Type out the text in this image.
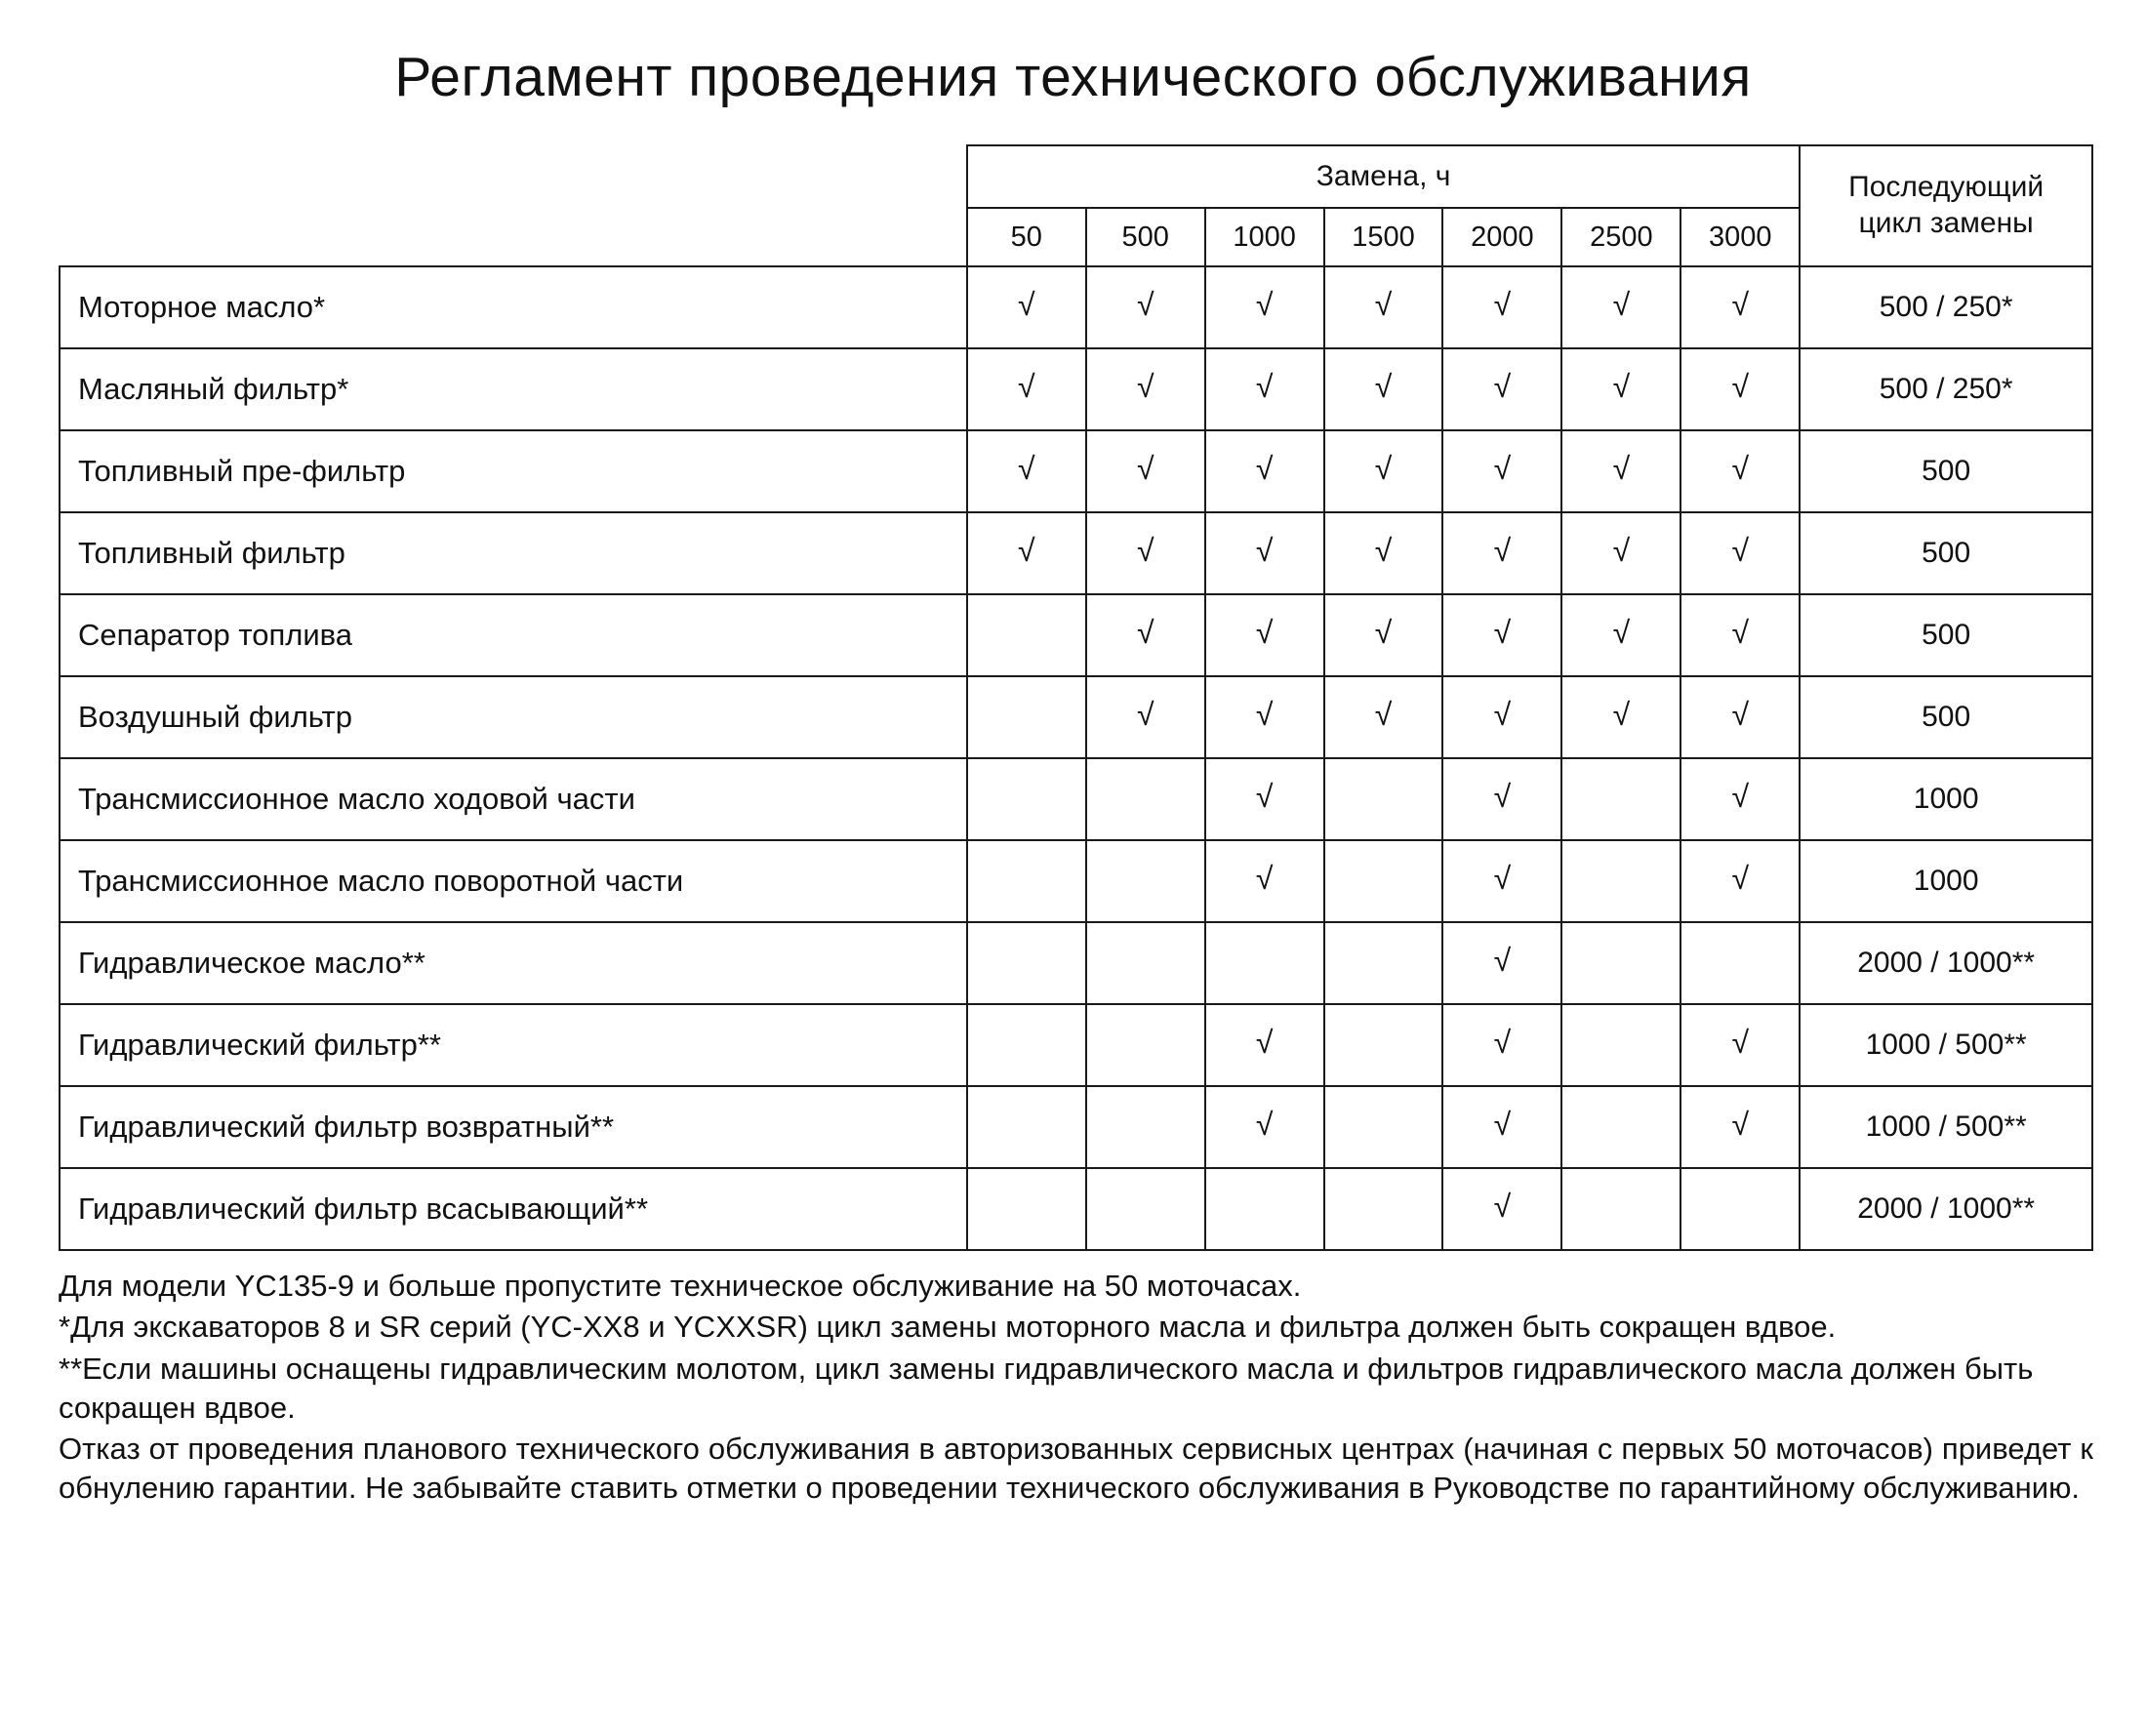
Регламент проведения технического обслуживания
	Замена, ч							Последующий
цикл замены
	50	500	1000	1500	2000	2500	3000	
Моторное масло*	√	√	√	√	√	√	√	500 / 250*
Масляный фильтр*	√	√	√	√	√	√	√	500 / 250*
Топливный пре-фильтр	√	√	√	√	√	√	√	500
Топливный фильтр	√	√	√	√	√	√	√	500
Сепаратор топлива		√	√	√	√	√	√	500
Воздушный фильтр		√	√	√	√	√	√	500
Трансмиссионное масло ходовой части			√		√		√	1000
Трансмиссионное масло поворотной части			√		√		√	1000
Гидравлическое масло**					√			2000 / 1000**
Гидравлический фильтр**			√		√		√	1000 / 500**
Гидравлический фильтр возвратный**			√		√		√	1000 / 500**
Гидравлический фильтр всасывающий**					√			2000 / 1000**

Для модели YC135-9 и больше пропустите техническое обслуживание на 50 моточасах.

*Для экскаваторов 8 и SR серий (YC-XX8 и YCXXSR) цикл замены моторного масла и фильтра должен быть сокращен вдвое.

**Если машины оснащены гидравлическим молотом, цикл замены гидравлического масла и фильтров гидравлического масла должен быть сокращен вдвое.

Отказ от проведения планового технического обслуживания в авторизованных сервисных центрах (начиная с первых 50 моточасов) приведет к обнулению гарантии. Не забывайте ставить отметки о проведении технического обслуживания в Руководстве по гарантийному обслуживанию.
